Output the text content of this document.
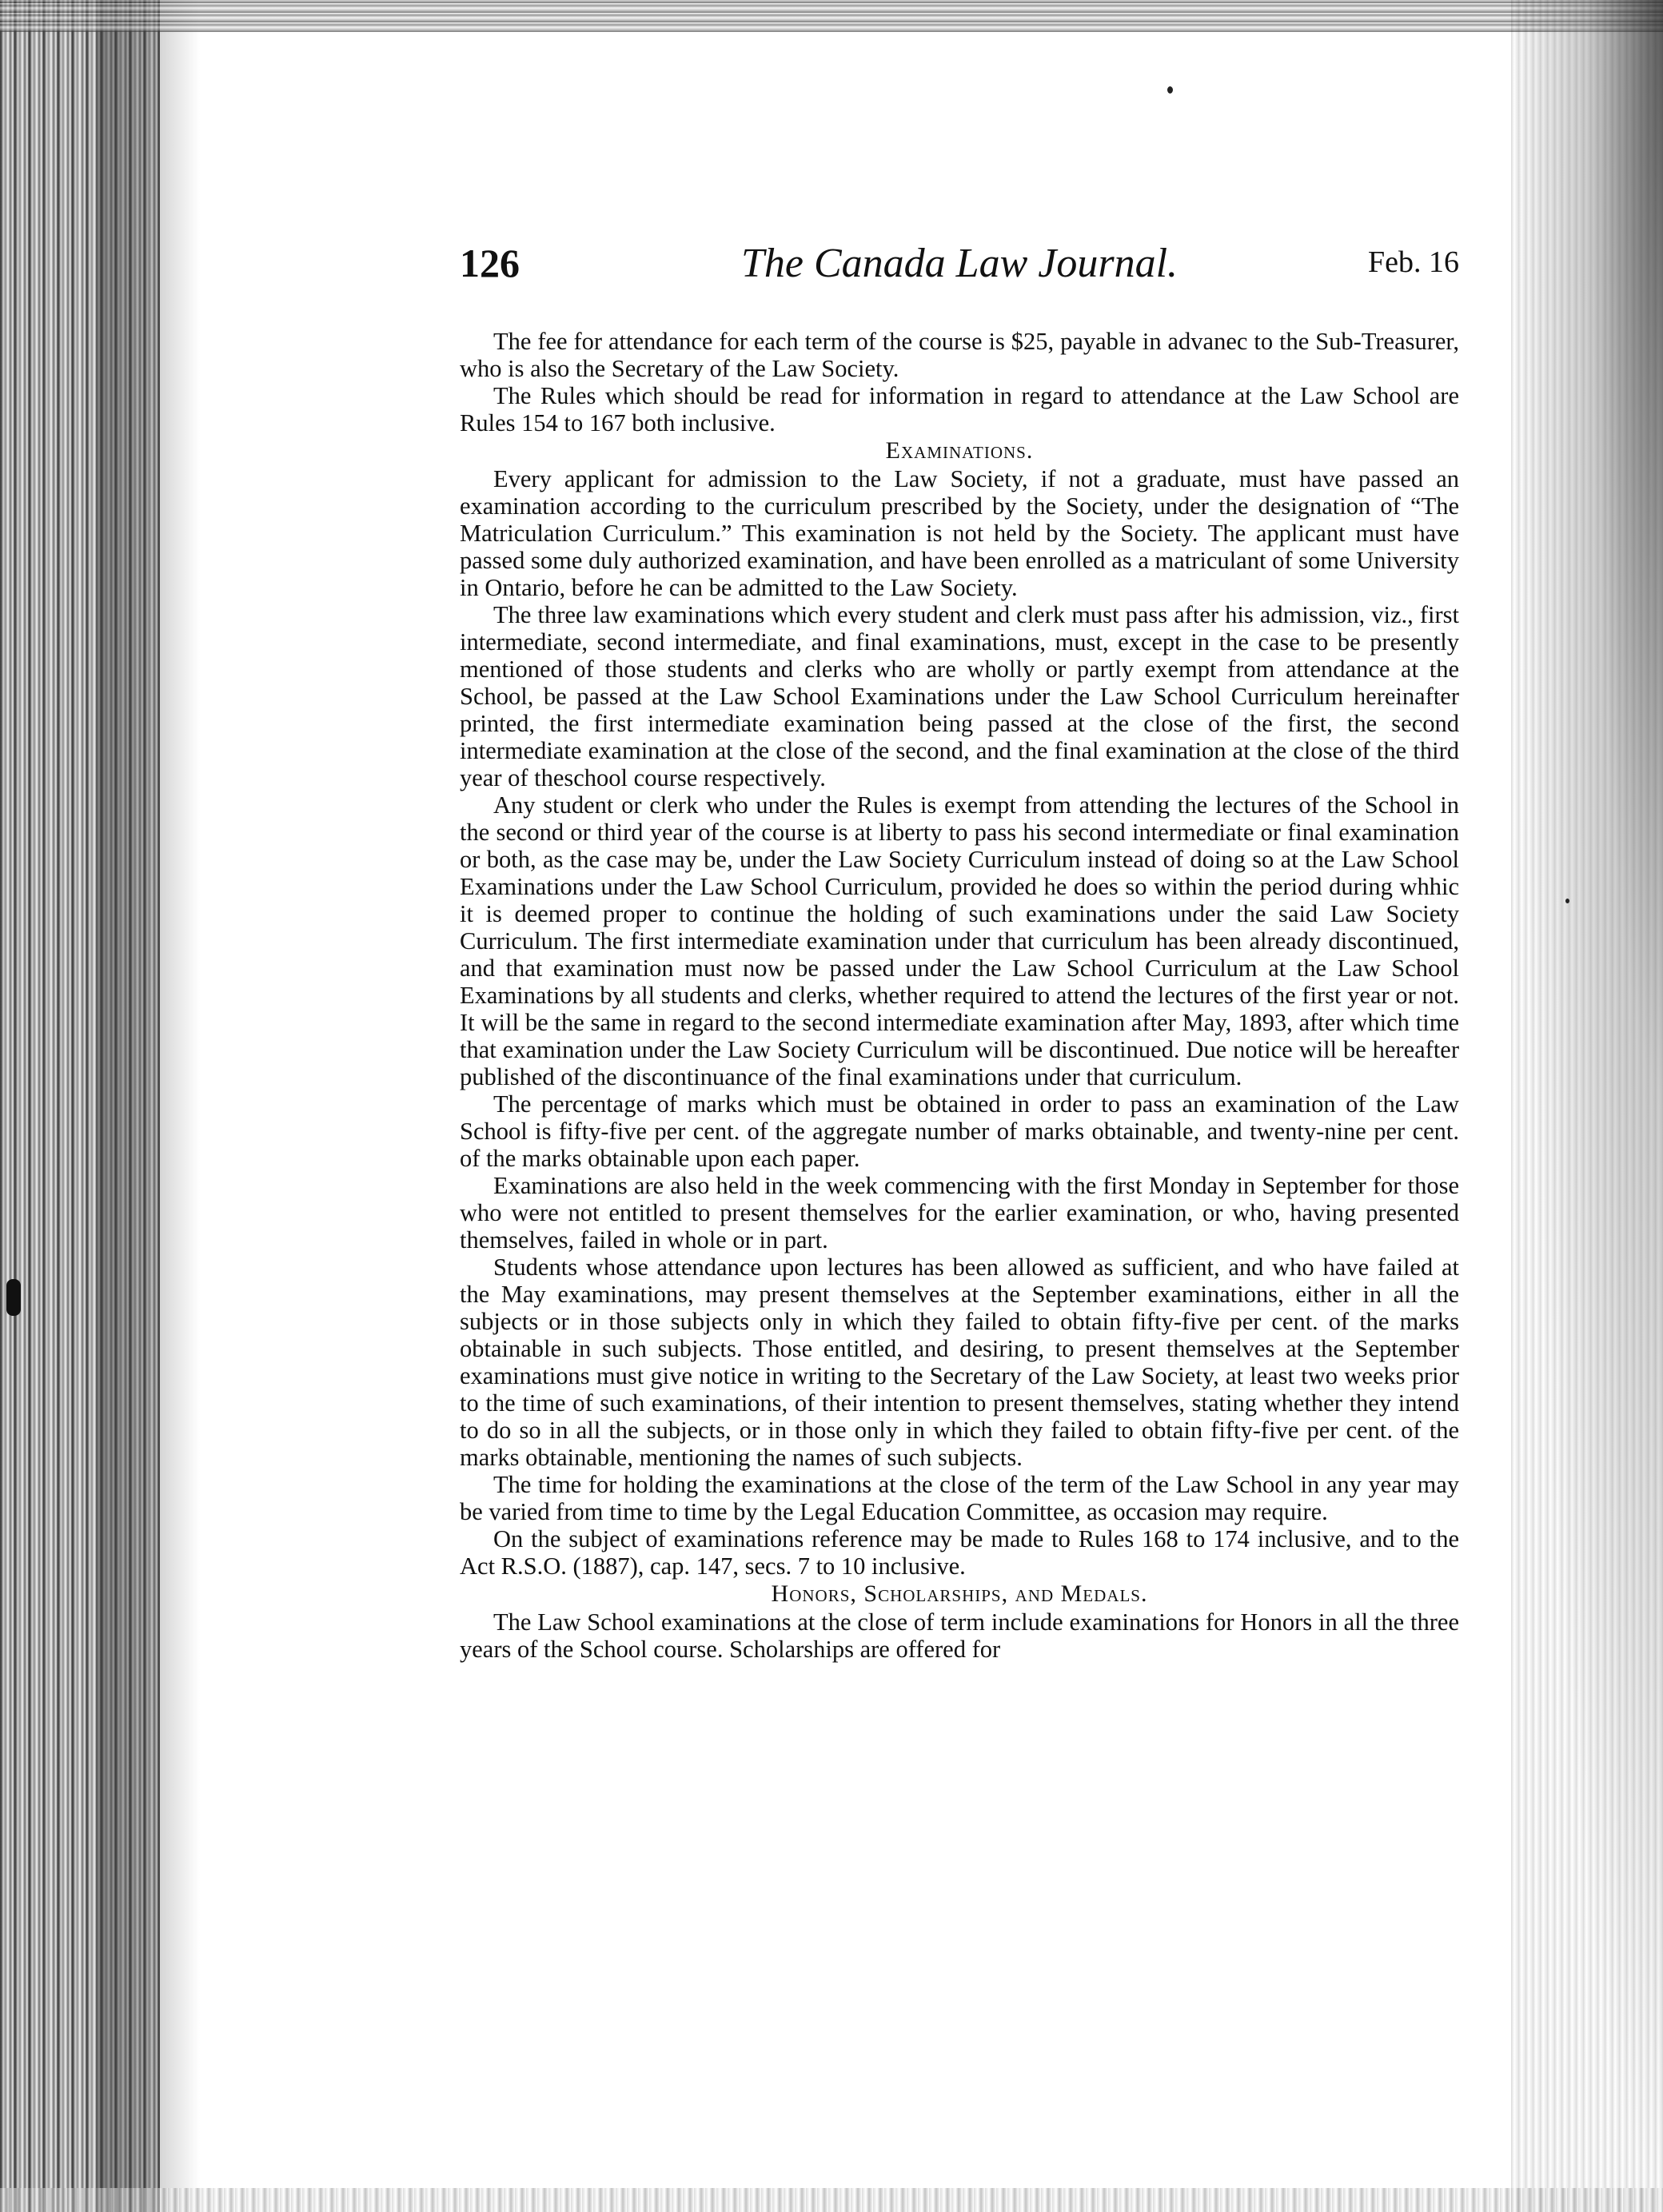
126	The Canada Law Journal.	Feb. 16

The fee for attendance for each term of the course is $25, payable in advanec to the Sub-Treasurer, who is also the Secretary of the Law Society.

The Rules which should be read for information in regard to attendance at the Law School are Rules 154 to 167 both inclusive.

Examinations.

Every applicant for admission to the Law Society, if not a graduate, must have passed an examination according to the curriculum prescribed by the Society, under the designation of “The Matriculation Curriculum.” This examination is not held by the Society. The applicant must have passed some duly authorized examination, and have been enrolled as a matriculant of some University in Ontario, before he can be admitted to the Law Society.

The three law examinations which every student and clerk must pass after his admission, viz., first intermediate, second intermediate, and final examinations, must, except in the case to be presently mentioned of those students and clerks who are wholly or partly exempt from attendance at the School, be passed at the Law School Examinations under the Law School Curriculum hereinafter printed, the first intermediate examination being passed at the close of the first, the second intermediate examination at the close of the second, and the final examination at the close of the third year of theschool course respectively.

Any student or clerk who under the Rules is exempt from attending the lectures of the School in the second or third year of the course is at liberty to pass his second intermediate or final examination or both, as the case may be, under the Law Society Curriculum instead of doing so at the Law School Examinations under the Law School Curriculum, provided he does so within the period during whhic it is deemed proper to continue the holding of such examinations under the said Law Society Curriculum. The first intermediate examination under that curriculum has been already discontinued, and that examination must now be passed under the Law School Curriculum at the Law School Examinations by all students and clerks, whether required to attend the lectures of the first year or not. It will be the same in regard to the second intermediate examination after May, 1893, after which time that examination under the Law Society Curriculum will be discontinued. Due notice will be hereafter published of the discontinuance of the final examinations under that curriculum.

The percentage of marks which must be obtained in order to pass an examination of the Law School is fifty-five per cent. of the aggregate number of marks obtainable, and twenty-nine per cent. of the marks obtainable upon each paper.

Examinations are also held in the week commencing with the first Monday in September for those who were not entitled to present themselves for the earlier examination, or who, having presented themselves, failed in whole or in part.

Students whose attendance upon lectures has been allowed as sufficient, and who have failed at the May examinations, may present themselves at the September examinations, either in all the subjects or in those subjects only in which they failed to obtain fifty-five per cent. of the marks obtainable in such subjects. Those entitled, and desiring, to present themselves at the September examinations must give notice in writing to the Secretary of the Law Society, at least two weeks prior to the time of such examinations, of their intention to present themselves, stating whether they intend to do so in all the subjects, or in those only in which they failed to obtain fifty-five per cent. of the marks obtainable, mentioning the names of such subjects.

The time for holding the examinations at the close of the term of the Law School in any year may be varied from time to time by the Legal Education Committee, as occasion may require.

On the subject of examinations reference may be made to Rules 168 to 174 inclusive, and to the Act R.S.O. (1887), cap. 147, secs. 7 to 10 inclusive.

Honors, Scholarships, and Medals.

The Law School examinations at the close of term include examinations for Honors in all the three years of the School course. Scholarships are offered for
